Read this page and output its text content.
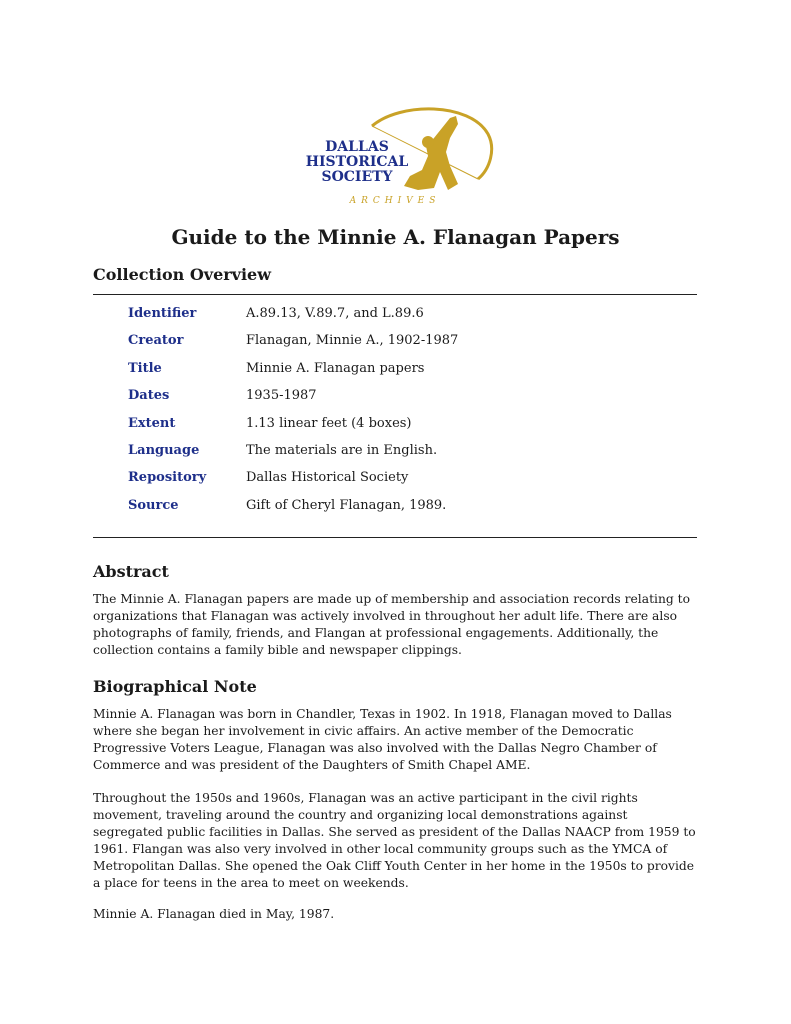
DALLAS
HISTORICAL
SOCIETY
ARCHIVES
Guide to the Minnie A. Flanagan Papers
Collection Overview
Identifier	A.89.13, V.89.7, and L.89.6
Creator	Flanagan, Minnie A., 1902-1987
Title	Minnie A. Flanagan papers
Dates	1935-1987
Extent	1.13 linear feet (4 boxes)
Language	The materials are in English.
Repository	Dallas Historical Society
Source	Gift of Cheryl Flanagan, 1989.
Abstract
The Minnie A. Flanagan papers are made up of membership and association records relating to organizations that Flanagan was actively involved in throughout her adult life. There are also photographs of family, friends, and Flangan at professional engagements. Additionally, the collection contains a family bible and newspaper clippings.
Biographical Note
Minnie A. Flanagan was born in Chandler, Texas in 1902. In 1918, Flanagan moved to Dallas where she began her involvement in civic affairs. An active member of the Democratic Progressive Voters League, Flanagan was also involved with the Dallas Negro Chamber of Commerce and was president of the Daughters of Smith Chapel AME.
Throughout the 1950s and 1960s, Flanagan was an active participant in the civil rights movement, traveling around the country and organizing local demonstrations against segregated public facilities in Dallas. She served as president of the Dallas NAACP from 1959 to 1961. Flangan was also very involved in other local community groups such as the YMCA of Metropolitan Dallas. She opened the Oak Cliff Youth Center in her home in the 1950s to provide a place for teens in the area to meet on weekends.
Minnie A. Flanagan died in May, 1987.
